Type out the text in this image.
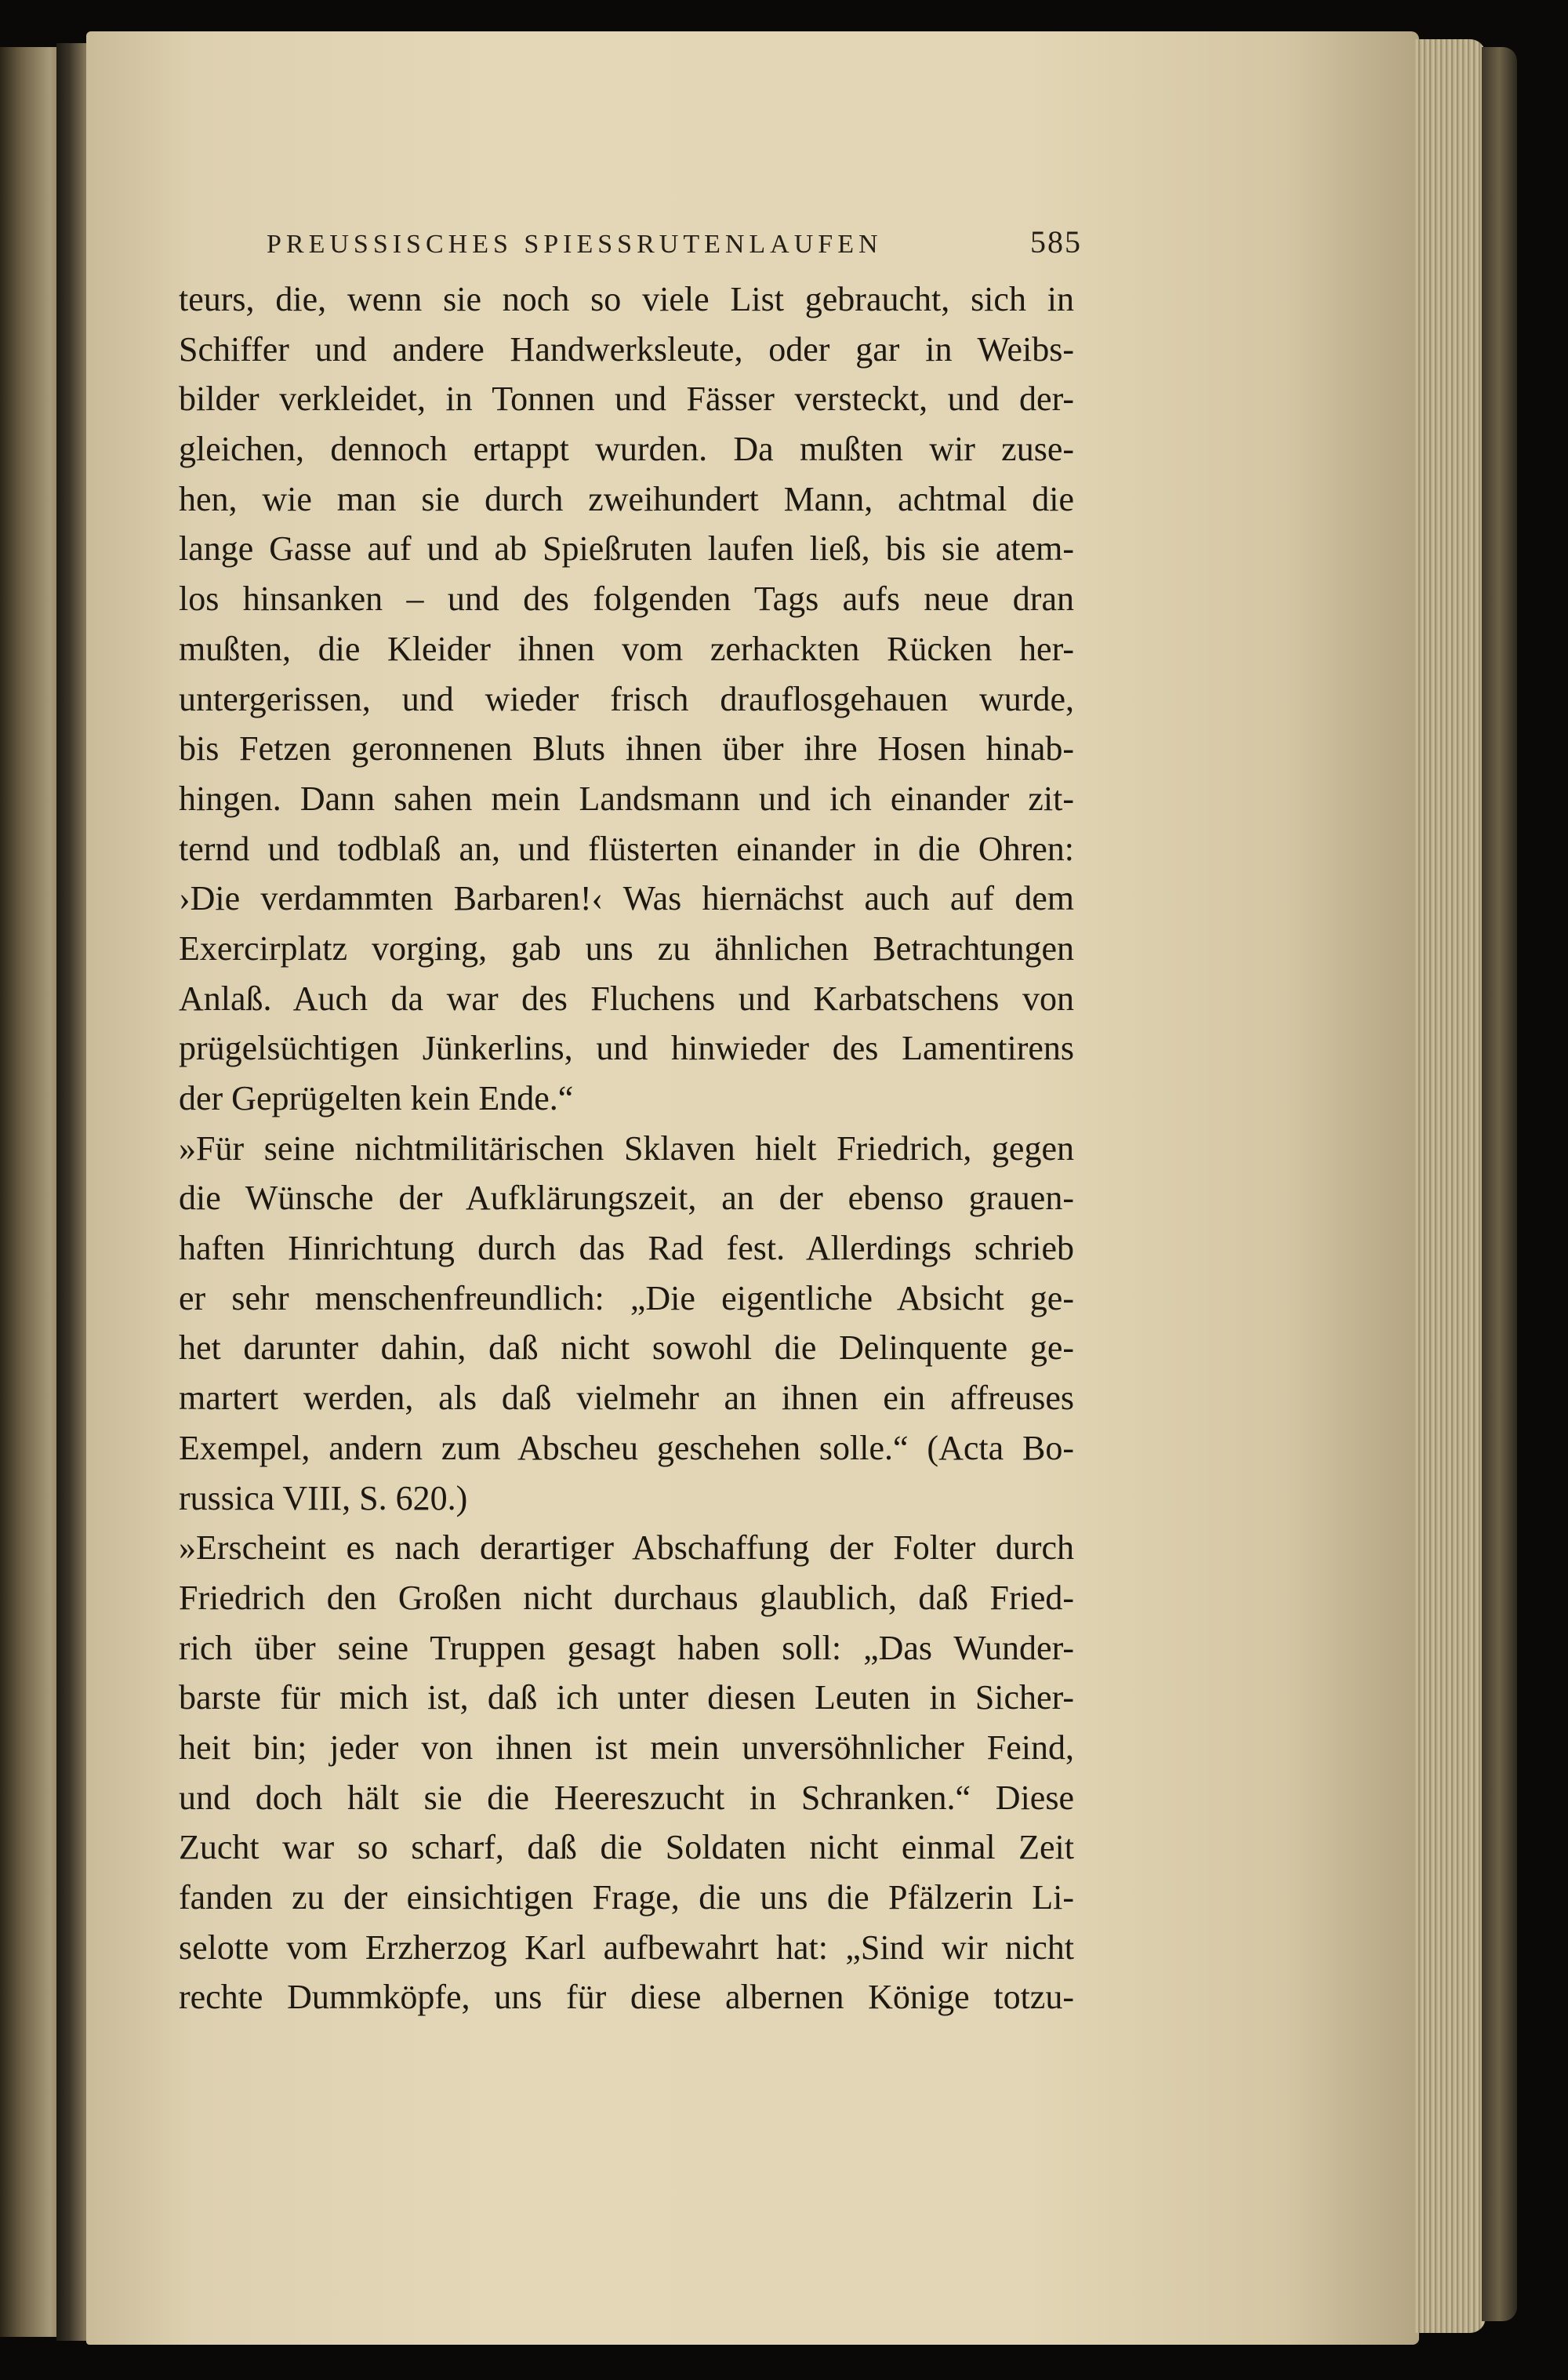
PREUSSISCHES SPIESSRUTENLAUFEN	585
teurs, die, wenn sie noch so viele List gebraucht, sich in
Schiffer und andere Handwerksleute, oder gar in Weibs-
bilder verkleidet, in Tonnen und Fässer versteckt, und der-
gleichen, dennoch ertappt wurden. Da mußten wir zuse-
hen, wie man sie durch zweihundert Mann, achtmal die
lange Gasse auf und ab Spießruten laufen ließ, bis sie atem-
los hinsanken – und des folgenden Tags aufs neue dran
mußten, die Kleider ihnen vom zerhackten Rücken her-
untergerissen, und wieder frisch drauflosgehauen wurde,
bis Fetzen geronnenen Bluts ihnen über ihre Hosen hinab-
hingen. Dann sahen mein Landsmann und ich einander zit-
ternd und todblaß an, und flüsterten einander in die Ohren:
›Die verdammten Barbaren!‹ Was hiernächst auch auf dem
Exercirplatz vorging, gab uns zu ähnlichen Betrachtungen
Anlaß. Auch da war des Fluchens und Karbatschens von
prügelsüchtigen Jünkerlins, und hinwieder des Lamentirens
der Geprügelten kein Ende.“
»Für seine nichtmilitärischen Sklaven hielt Friedrich, gegen
die Wünsche der Aufklärungszeit, an der ebenso grauen-
haften Hinrichtung durch das Rad fest. Allerdings schrieb
er sehr menschenfreundlich: „Die eigentliche Absicht ge-
het darunter dahin, daß nicht sowohl die Delinquente ge-
martert werden, als daß vielmehr an ihnen ein affreuses
Exempel, andern zum Abscheu geschehen solle.“ (Acta Bo-
russica VIII, S. 620.)
»Erscheint es nach derartiger Abschaffung der Folter durch
Friedrich den Großen nicht durchaus glaublich, daß Fried-
rich über seine Truppen gesagt haben soll: „Das Wunder-
barste für mich ist, daß ich unter diesen Leuten in Sicher-
heit bin; jeder von ihnen ist mein unversöhnlicher Feind,
und doch hält sie die Heereszucht in Schranken.“ Diese
Zucht war so scharf, daß die Soldaten nicht einmal Zeit
fanden zu der einsichtigen Frage, die uns die Pfälzerin Li-
selotte vom Erzherzog Karl aufbewahrt hat: „Sind wir nicht
rechte Dummköpfe, uns für diese albernen Könige totzu-
